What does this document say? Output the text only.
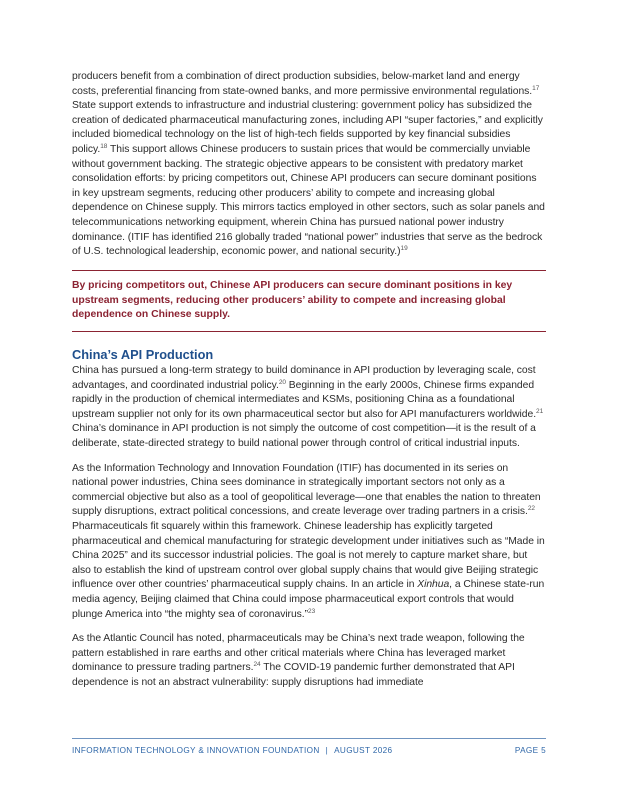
producers benefit from a combination of direct production subsidies, below-market land and energy costs, preferential financing from state-owned banks, and more permissive environmental regulations.$^{17}$ State support extends to infrastructure and industrial clustering: government policy has subsidized the creation of dedicated pharmaceutical manufacturing zones, including API “super factories,” and explicitly included biomedical technology on the list of high-tech fields supported by key financial subsidies policy.$^{18}$ This support allows Chinese producers to sustain prices that would be commercially unviable without government backing. The strategic objective appears to be consistent with predatory market consolidation efforts: by pricing competitors out, Chinese API producers can secure dominant positions in key upstream segments, reducing other producers’ ability to compete and increasing global dependence on Chinese supply. This mirrors tactics employed in other sectors, such as solar panels and telecommunications networking equipment, wherein China has pursued national power industry dominance. (ITIF has identified 216 globally traded “national power” industries that serve as the bedrock of U.S. technological leadership, economic power, and national security.)$^{19}$

By pricing competitors out, Chinese API producers can secure dominant positions in key upstream segments, reducing other producers’ ability to compete and increasing global dependence on Chinese supply.
China’s API Production

China has pursued a long-term strategy to build dominance in API production by leveraging scale, cost advantages, and coordinated industrial policy.$^{20}$ Beginning in the early 2000s, Chinese firms expanded rapidly in the production of chemical intermediates and KSMs, positioning China as a foundational upstream supplier not only for its own pharmaceutical sector but also for API manufacturers worldwide.$^{21}$ China’s dominance in API production is not simply the outcome of cost competition—it is the result of a deliberate, state-directed strategy to build national power through control of critical industrial inputs.

As the Information Technology and Innovation Foundation (ITIF) has documented in its series on national power industries, China sees dominance in strategically important sectors not only as a commercial objective but also as a tool of geopolitical leverage—one that enables the nation to threaten supply disruptions, extract political concessions, and create leverage over trading partners in a crisis.$^{22}$ Pharmaceuticals fit squarely within this framework. Chinese leadership has explicitly targeted pharmaceutical and chemical manufacturing for strategic development under initiatives such as “Made in China 2025” and its successor industrial policies. The goal is not merely to capture market share, but also to establish the kind of upstream control over global supply chains that would give Beijing strategic influence over other countries’ pharmaceutical supply chains. In an article in Xinhua, a Chinese state-run media agency, Beijing claimed that China could impose pharmaceutical export controls that would plunge America into “the mighty sea of coronavirus.”$^{23}$

As the Atlantic Council has noted, pharmaceuticals may be China’s next trade weapon, following the pattern established in rare earths and other critical materials where China has leveraged market dominance to pressure trading partners.$^{24}$ The COVID-19 pandemic further demonstrated that API dependence is not an abstract vulnerability: supply disruptions had immediate

INFORMATION TECHNOLOGY & INNOVATION FOUNDATION | AUGUST 2026	PAGE 5
